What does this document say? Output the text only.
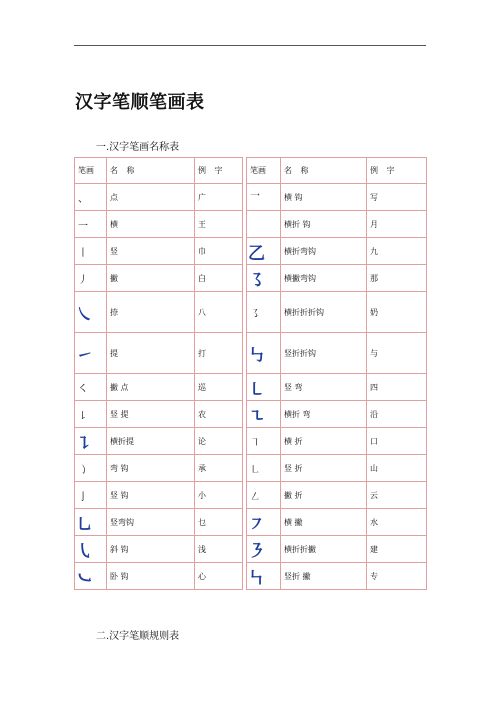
汉字笔顺笔画表

一.汉字笔画名称表

笔画	名 称	例 字		笔画	名 称	例 字
、	点	广		乛	横 钩	写
一	横	王			横折 钩	月
丨	竖	巾		乙	横折弯钩	九
丿	撇	白		㇌	横撇弯钩	那
㇏	捺	八		㇌	横折折折钩	奶
㇀	提	打		㇉	竖折折钩	与
㇛	撇 点	巡		㇄	竖 弯	四
㇙	竖 提	农		㇍	横折 弯	沿
㇊	横折提	论		㇕	横 折	口
㇁	弯 钩	承		㇗	竖 折	山
亅	竖 钩	小		㇜	撇 折	云
㇟	竖弯钩	乜		㇇	横 撇	水
㇂	斜 钩	浅		㇋	横折折撇	建
㇃	卧 钩	心		㇞	竖折 撇	专

二.汉字笔顺规则表
